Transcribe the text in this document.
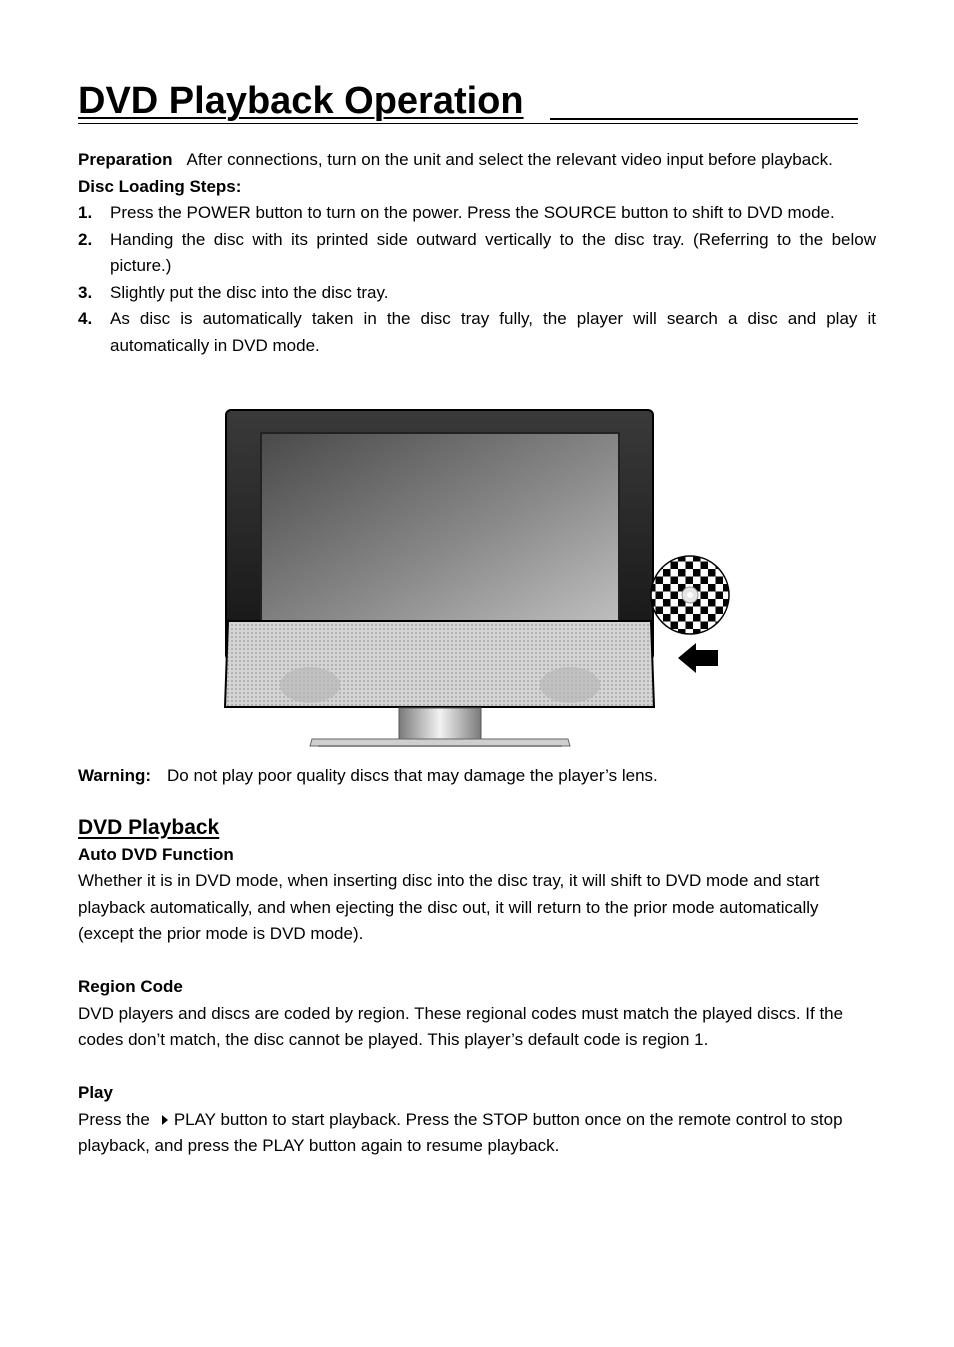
DVD Playback Operation

Preparation After connections, turn on the unit and select the relevant video input before playback.

Disc Loading Steps:

1. Press the POWER button to turn on the power. Press the SOURCE button to shift to DVD mode.
2. Handing the disc with its printed side outward vertically to the disc tray. (Referring to the below picture.)
3. Slightly put the disc into the disc tray.
4. As disc is automatically taken in the disc tray fully, the player will search a disc and play it automatically in DVD mode.

Warning: Do not play poor quality discs that may damage the player’s lens.

DVD Playback

Auto DVD Function

Whether it is in DVD mode, when inserting disc into the disc tray, it will shift to DVD mode and start playback automatically, and when ejecting the disc out, it will return to the prior mode automatically (except the prior mode is DVD mode).

Region Code

DVD players and discs are coded by region. These regional codes must match the played discs. If the codes don’t match, the disc cannot be played. This player’s default code is region 1.

Play

Press the PLAY button to start playback. Press the STOP button once on the remote control to stop playback, and press the PLAY button again to resume playback.
